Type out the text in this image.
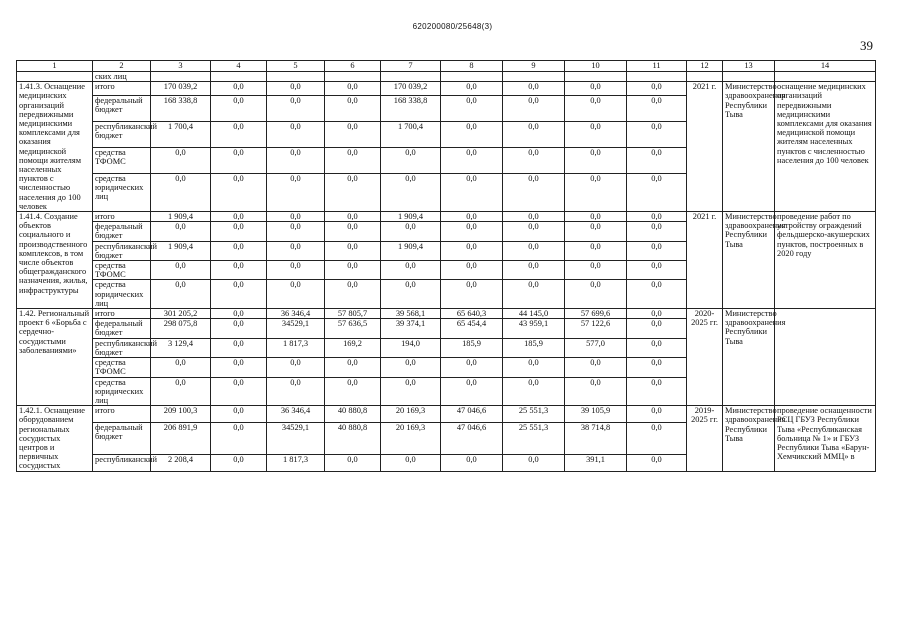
620200080/25648(3)
39
1	2	3	4	5	6	7	8	9	10	11	12	13	14
	ских лиц												
1.41.3. Оснащение медицинских организаций передвижными медицинскими комплексами для оказания медицинской помощи жителям населенных пунктов с численностью населения до 100 человек	итого	170 039,2	0,0	0,0	0,0	170 039,2	0,0	0,0	0,0	0,0	2021 г.	Министерство здравоохранения Республики Тыва	оснащение медицинских организаций передвижными медицинскими комплексами для оказания медицинской помощи жителям населенных пунктов с численностью населения до 100 человек
	федеральный бюджет	168 338,8	0,0	0,0	0,0	168 338,8	0,0	0,0	0,0	0,0			
	республиканский бюджет	1 700,4	0,0	0,0	0,0	1 700,4	0,0	0,0	0,0	0,0			
	средства ТФОМС	0,0	0,0	0,0	0,0	0,0	0,0	0,0	0,0	0,0			
	средства юридических лиц	0,0	0,0	0,0	0,0	0,0	0,0	0,0	0,0	0,0			
1.41.4. Создание объектов социального и производственного комплексов, в том числе объектов общегражданского назначения, жилья, инфраструктуры	итого	1 909,4	0,0	0,0	0,0	1 909,4	0,0	0,0	0,0	0,0	2021 г.	Министерство здравоохранения Республики Тыва	проведение работ по устройству ограждений фельдшерско-акушерских пунктов, построенных в 2020 году
	федеральный бюджет	0,0	0,0	0,0	0,0	0,0	0,0	0,0	0,0	0,0			
	республиканский бюджет	1 909,4	0,0	0,0	0,0	1 909,4	0,0	0,0	0,0	0,0			
	средства ТФОМС	0,0	0,0	0,0	0,0	0,0	0,0	0,0	0,0	0,0			
	средства юридических лиц	0,0	0,0	0,0	0,0	0,0	0,0	0,0	0,0	0,0			
1.42. Региональный проект 6 «Борьба с сердечно-сосудистыми заболеваниями»	итого	301 205,2	0,0	36 346,4	57 805,7	39 568,1	65 640,3	44 145,0	57 699,6	0,0	2020-2025 гг.	Министерство здравоохранения Республики Тыва	
	федеральный бюджет	298 075,8	0,0	34529,1	57 636,5	39 374,1	65 454,4	43 959,1	57 122,6	0,0			
	республиканский бюджет	3 129,4	0,0	1 817,3	169,2	194,0	185,9	185,9	577,0	0,0			
	средства ТФОМС	0,0	0,0	0,0	0,0	0,0	0,0	0,0	0,0	0,0			
	средства юридических лиц	0,0	0,0	0,0	0,0	0,0	0,0	0,0	0,0	0,0			
1.42.1. Оснащение оборудованием региональных сосудистых центров и первичных сосудистых	итого	209 100,3	0,0	36 346,4	40 880,8	20 169,3	47 046,6	25 551,3	39 105,9	0,0	2019-2025 гг.	Министерство здравоохранения Республики Тыва	проведение оснащенности РСЦ ГБУЗ Республики Тыва «Республиканская больница № 1» и ГБУЗ Республики Тыва «Барун-Хемчикский ММЦ» в
	федеральный бюджет	206 891,9	0,0	34529,1	40 880,8	20 169,3	47 046,6	25 551,3	38 714,8	0,0			
	республиканский	2 208,4	0,0	1 817,3	0,0	0,0	0,0	0,0	391,1	0,0			
